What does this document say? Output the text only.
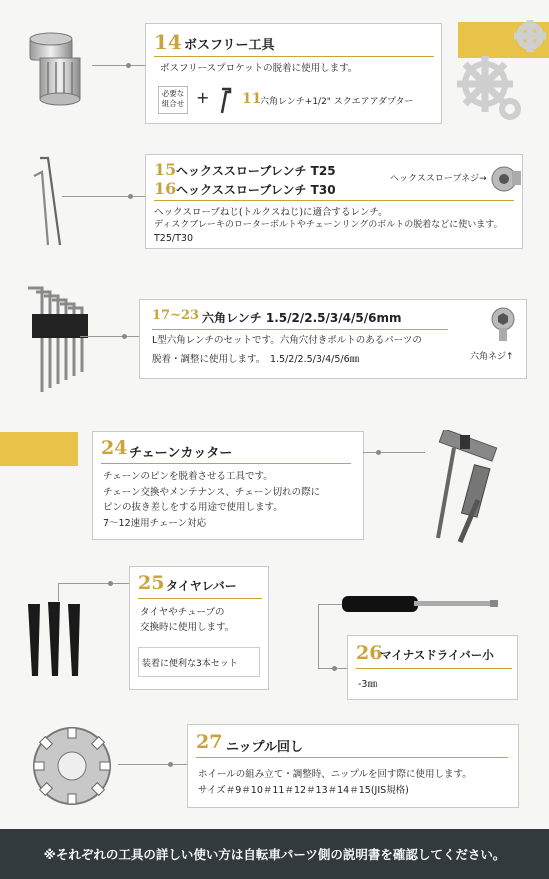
14 ボスフリー工具
ボスフリースプロケットの脱着に使用します。
必要な 組合せ + 11
六角レンチ+1/2" スクエアアダプター
15 ヘックススローブレンチ T25
16 ヘックススローブレンチ T30
ヘックススローブネジ→
ヘックスローブねじ(トルクスねじ)に適合するレンチ。
ディスクブレーキのローターボルトやチェーンリングのボルトの脱着などに使います。
T25/T30
17~23 六角レンチ 1.5/2/2.5/3/4/5/6mm
L型六角レンチのセットです。六角穴付きボルトのあるパーツの
脱着・調整に使用します。　1.5/2/2.5/3/4/5/6㎜	六角ネジ↑
24 チェーンカッター
チェーンのピンを脱着させる工具です。
チェーン交換やメンテナンス、チェーン切れの際に
ピンの抜き差しをする用途で使用します。
7～12速用チェーン対応
25 タイヤレバー
タイヤやチューブの
交換時に使用します。
装着に便利な3本セット	26
マイナスドライバー小
-3㎜
27 ニップル回し
ホイールの組み立て・調整時、ニップルを回す際に使用します。
サイズ＃9＃10＃11＃12＃13＃14＃15(JIS規格)
※それぞれの工具の詳しい使い方は自転車パーツ側の説明書を確認してください。
